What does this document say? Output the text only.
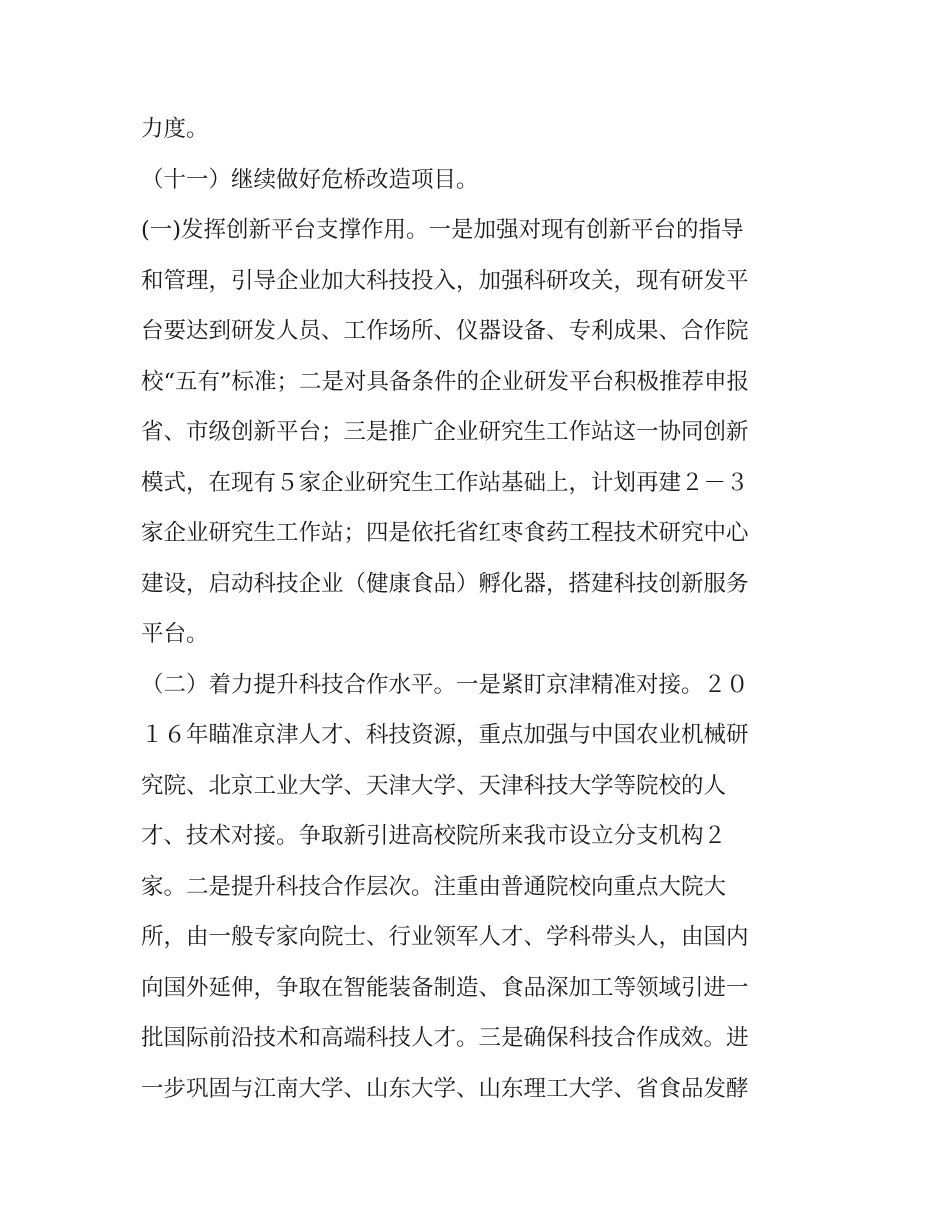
力度。
（十一）继续做好危桥改造项目。
(一)发挥创新平台支撑作用。一是加强对现有创新平台的指导
和管理，引导企业加大科技投入，加强科研攻关，现有研发平
台要达到研发人员、工作场所、仪器设备、专利成果、合作院
校“五有”标准；二是对具备条件的企业研发平台积极推荐申报
省、市级创新平台；三是推广企业研究生工作站这一协同创新
模式，在现有５家企业研究生工作站基础上，计划再建２－３
家企业研究生工作站；四是依托省红枣食药工程技术研究中心
建设，启动科技企业（健康食品）孵化器，搭建科技创新服务
平台。
（二）着力提升科技合作水平。一是紧盯京津精准对接。２０
１６年瞄准京津人才、科技资源，重点加强与中国农业机械研
究院、北京工业大学、天津大学、天津科技大学等院校的人
才、技术对接。争取新引进高校院所来我市设立分支机构２
家。二是提升科技合作层次。注重由普通院校向重点大院大
所，由一般专家向院士、行业领军人才、学科带头人，由国内
向国外延伸，争取在智能装备制造、食品深加工等领域引进一
批国际前沿技术和高端科技人才。三是确保科技合作成效。进
一步巩固与江南大学、山东大学、山东理工大学、省食品发酵
